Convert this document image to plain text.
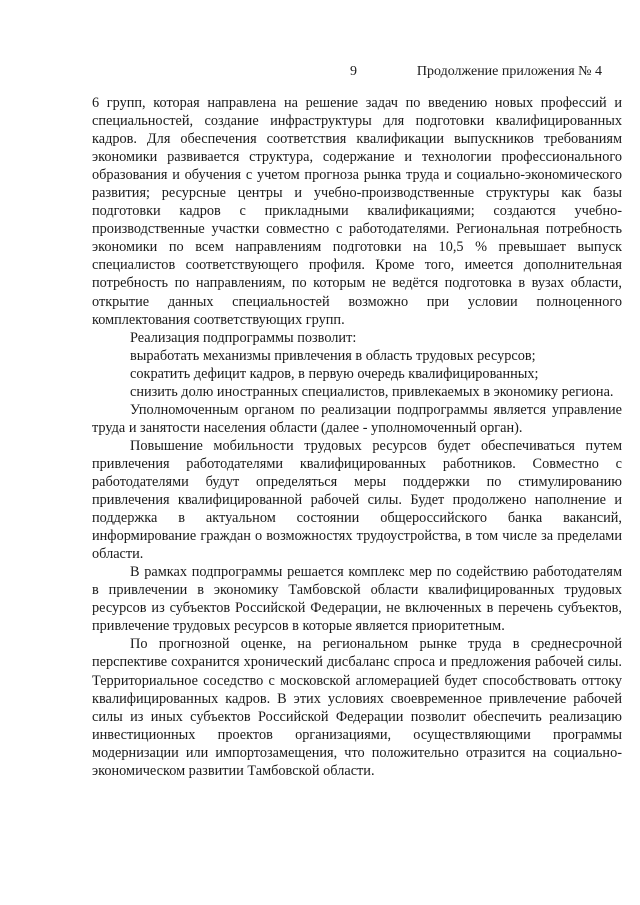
9	Продолжение приложения № 4

6 групп, которая направлена на решение задач по введению новых профессий и специальностей, создание инфраструктуры для подготовки квалифицированных кадров. Для обеспечения соответствия квалификации выпускников требованиям экономики развивается структура, содержание и технологии профессионального образования и обучения с учетом прогноза рынка труда и социально-экономического развития; ресурсные центры и учебно-производственные структуры как базы подготовки кадров с прикладными квалификациями; создаются учебно-производственные участки совместно с работодателями. Региональная потребность экономики по всем направлениям подготовки на 10,5 % превышает выпуск специалистов соответствующего профиля. Кроме того, имеется дополнительная потребность по направлениям, по которым не ведётся подготовка в вузах области, открытие данных специальностей возможно при условии полноценного комплектования соответствующих групп.

Реализация подпрограммы позволит:

выработать механизмы привлечения в область трудовых ресурсов;

сократить дефицит кадров, в первую очередь квалифицированных;

снизить долю иностранных специалистов, привлекаемых в экономику региона.

Уполномоченным органом по реализации подпрограммы является управление труда и занятости населения области (далее - уполномоченный орган).

Повышение мобильности трудовых ресурсов будет обеспечиваться путем привлечения работодателями квалифицированных работников. Совместно с работодателями будут определяться меры поддержки по стимулированию привлечения квалифицированной рабочей силы. Будет продолжено наполнение и поддержка в актуальном состоянии общероссийского банка вакансий, информирование граждан о возможностях трудоустройства, в том числе за пределами области.

В рамках подпрограммы решается комплекс мер по содействию работодателям в привлечении в экономику Тамбовской области квалифицированных трудовых ресурсов из субъектов Российской Федерации, не включенных в перечень субъектов, привлечение трудовых ресурсов в которые является приоритетным.

По прогнозной оценке, на региональном рынке труда в среднесрочной перспективе сохранится хронический дисбаланс спроса и предложения рабочей силы. Территориальное соседство с московской агломерацией будет способствовать оттоку квалифицированных кадров. В этих условиях своевременное привлечение рабочей силы из иных субъектов Российской Федерации позволит обеспечить реализацию инвестиционных проектов организациями, осуществляющими программы модернизации или импортозамещения, что положительно отразится на социально-экономическом развитии Тамбовской области.
